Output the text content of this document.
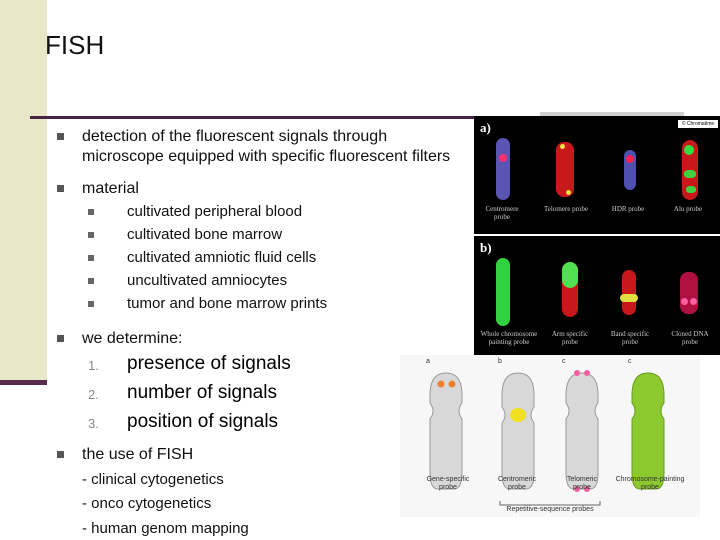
FISH
detection of the fluorescent signals through
microscope equipped with specific fluorescent filters
material
cultivated peripheral blood
cultivated bone marrow
cultivated amniotic fluid cells
uncultivated amniocytes
tumor and bone marrow prints
we determine:
1. presence of signals
2. number of signals
3. position of signals
the use of FISH
- clinical cytogenetics
- onco cytogenetics
- human genom mapping
a)
b)
© Chromatime
Centromere probe
Telomere probe	HDR probe	Alu probe
Whole chromosome painting probe
Arm specific probe
Band specific probe
Cloned DNA probe
a	b	c	c
Gene-specific probe
Centromeric probe
Telomeric probe
Chromosome-painting probe
Repetitive-sequence probes
